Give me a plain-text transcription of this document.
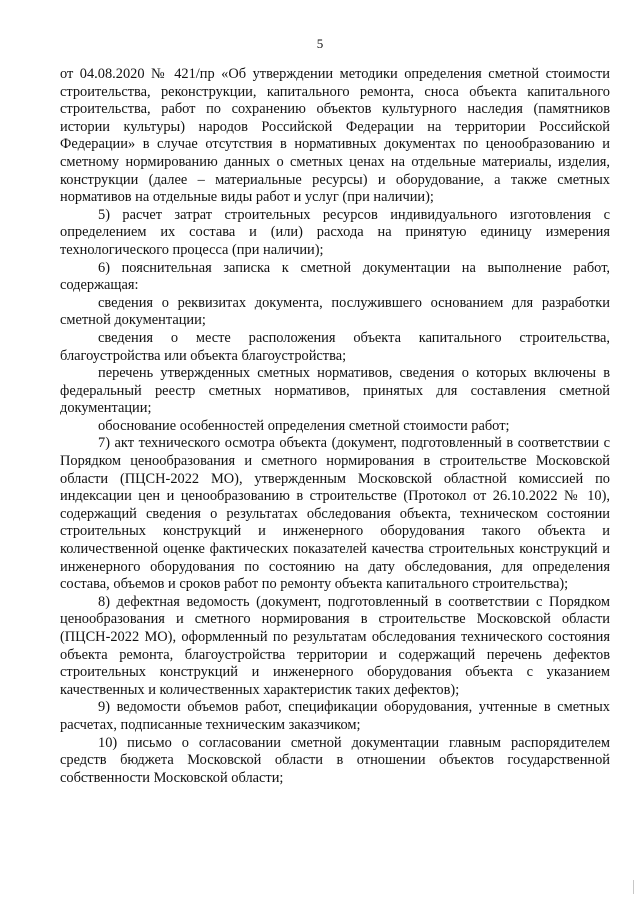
5

от 04.08.2020 № 421/пр «Об утверждении методики определения сметной стоимости строительства, реконструкции, капитального ремонта, сноса объекта капитального строительства, работ по сохранению объектов культурного наследия (памятников истории культуры) народов Российской Федерации на территории Российской Федерации» в случае отсутствия в нормативных документах по ценообразованию и сметному нормированию данных о сметных ценах на отдельные материалы, изделия, конструкции (далее – материальные ресурсы) и оборудование, а также сметных нормативов на отдельные виды работ и услуг (при наличии);

5) расчет затрат строительных ресурсов индивидуального изготовления с определением их состава и (или) расхода на принятую единицу измерения технологического процесса (при наличии);

6) пояснительная записка к сметной документации на выполнение работ, содержащая:

сведения о реквизитах документа, послужившего основанием для разработки сметной документации;

сведения о месте расположения объекта капитального строительства, благоустройства или объекта благоустройства;

перечень утвержденных сметных нормативов, сведения о которых включены в федеральный реестр сметных нормативов, принятых для составления сметной документации;

обоснование особенностей определения сметной стоимости работ;

7) акт технического осмотра объекта (документ, подготовленный в соответствии с Порядком ценообразования и сметного нормирования в строительстве Московской области (ПЦСН-2022 МО), утвержденным Московской областной комиссией по индексации цен и ценообразованию в строительстве (Протокол от 26.10.2022 № 10), содержащий сведения о результатах обследования объекта, техническом состоянии строительных конструкций и инженерного оборудования такого объекта и количественной оценке фактических показателей качества строительных конструкций и инженерного оборудования по состоянию на дату обследования, для определения состава, объемов и сроков работ по ремонту объекта капитального строительства);

8) дефектная ведомость (документ, подготовленный в соответствии с Порядком ценообразования и сметного нормирования в строительстве Московской области (ПЦСН-2022 МО), оформленный по результатам обследования технического состояния объекта ремонта, благоустройства территории и содержащий перечень дефектов строительных конструкций и инженерного оборудования объекта с указанием качественных и количественных характеристик таких дефектов);

9) ведомости объемов работ, спецификации оборудования, учтенные в сметных расчетах, подписанные техническим заказчиком;

10) письмо о согласовании сметной документации главным распорядителем средств бюджета Московской области в отношении объектов государственной собственности Московской области;
